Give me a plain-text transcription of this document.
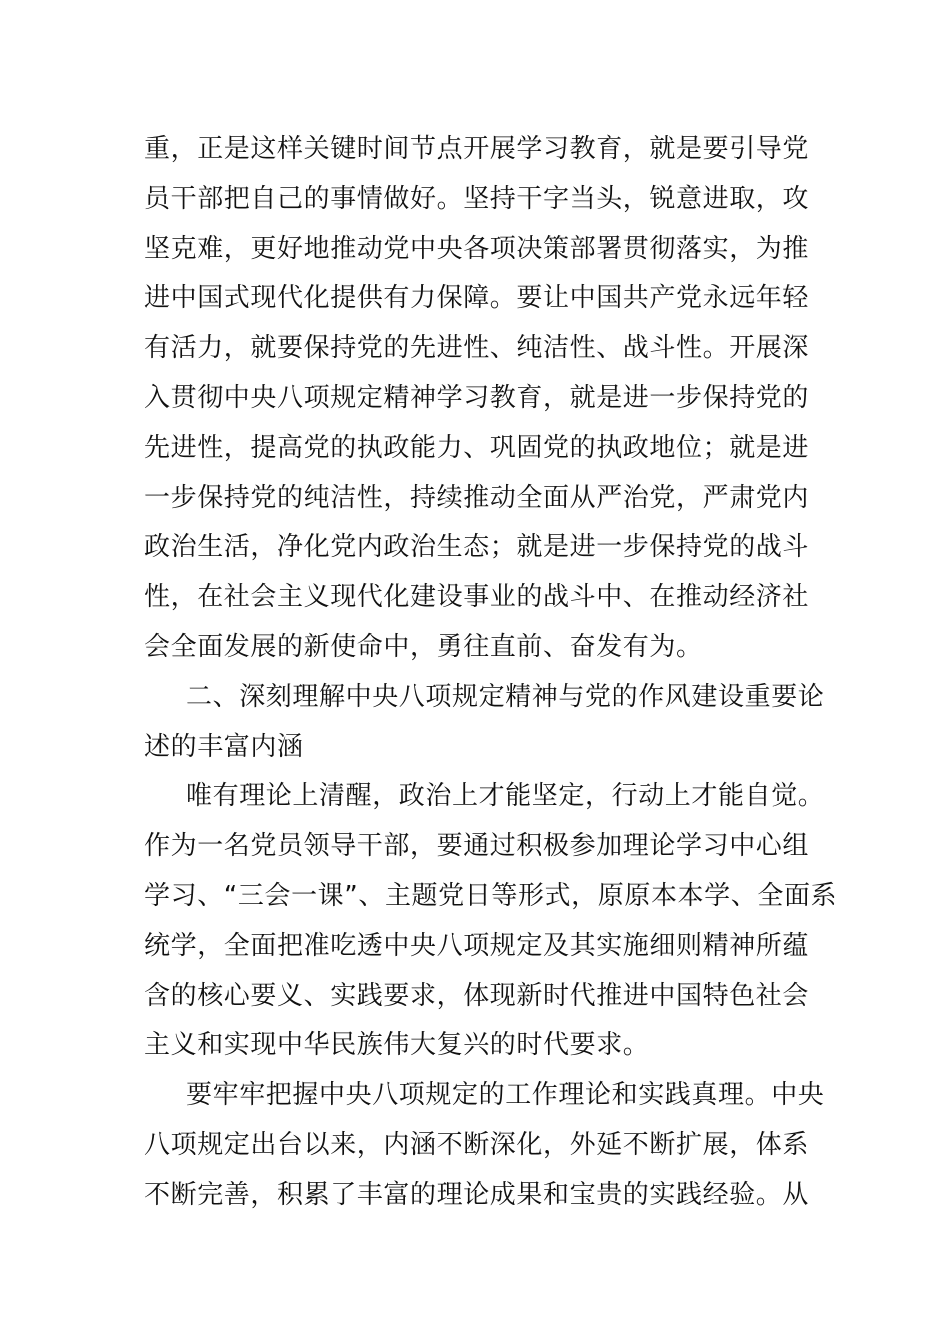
重，正是这样关键时间节点开展学习教育，就是要引导党
员干部把自己的事情做好。坚持干字当头，锐意进取，攻
坚克难，更好地推动党中央各项决策部署贯彻落实，为推
进中国式现代化提供有力保障。要让中国共产党永远年轻
有活力，就要保持党的先进性、纯洁性、战斗性。开展深
入贯彻中央八项规定精神学习教育，就是进一步保持党的
先进性，提高党的执政能力、巩固党的执政地位；就是进
一步保持党的纯洁性，持续推动全面从严治党，严肃党内
政治生活，净化党内政治生态；就是进一步保持党的战斗
性，在社会主义现代化建设事业的战斗中、在推动经济社
会全面发展的新使命中，勇往直前、奋发有为。
二、深刻理解中央八项规定精神与党的作风建设重要论
述的丰富内涵
唯有理论上清醒，政治上才能坚定，行动上才能自觉。
作为一名党员领导干部，要通过积极参加理论学习中心组
学习、“三会一课”、主题党日等形式，原原本本学、全面系
统学，全面把准吃透中央八项规定及其实施细则精神所蕴
含的核心要义、实践要求，体现新时代推进中国特色社会
主义和实现中华民族伟大复兴的时代要求。
要牢牢把握中央八项规定的工作理论和实践真理。中央
八项规定出台以来，内涵不断深化，外延不断扩展，体系
不断完善，积累了丰富的理论成果和宝贵的实践经验。从
